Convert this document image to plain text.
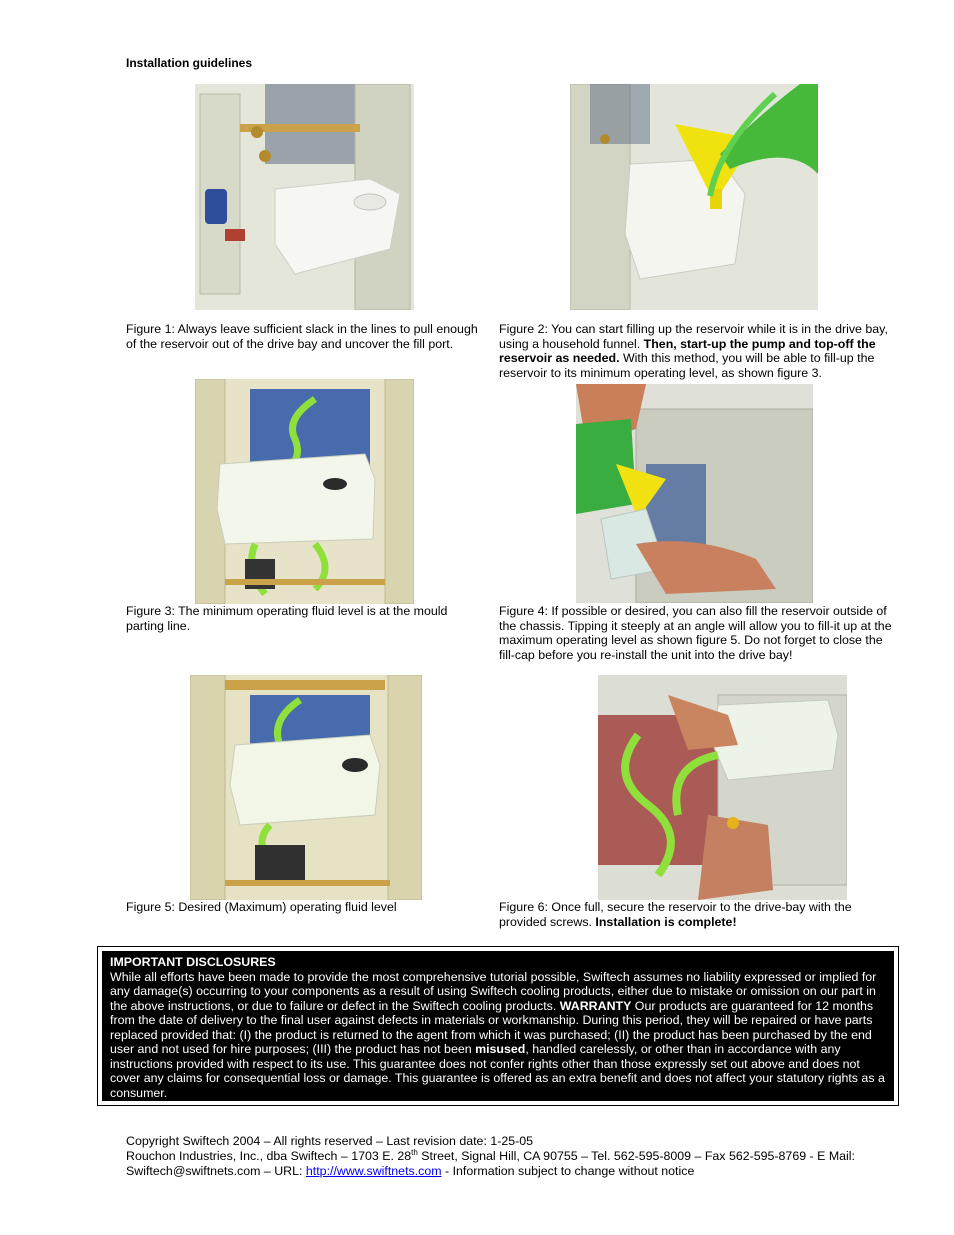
Installation guidelines

Figure 1: Always leave sufficient slack in the lines to pull enough of the reservoir out of the drive bay and uncover the fill port.

Figure 2: You can start filling up the reservoir while it is in the drive bay, using a household funnel. Then, start-up the pump and top-off the reservoir as needed. With this method, you will be able to fill-up the reservoir to its minimum operating level, as shown figure 3.

Figure 3: The minimum operating fluid level is at the mould parting line.

Figure 4: If possible or desired, you can also fill the reservoir outside of the chassis. Tipping it steeply at an angle will allow you to fill-it up at the maximum operating level as shown figure 5. Do not forget to close the fill-cap before you re-install the unit into the drive bay!

Figure 5: Desired (Maximum) operating fluid level	Figure 6: Once full, secure the reservoir to the drive-bay with the provided screws. Installation is complete!

IMPORTANT DISCLOSURES
While all efforts have been made to provide the most comprehensive tutorial possible, Swiftech assumes no liability expressed or implied for any damage(s) occurring to your components as a result of using Swiftech cooling products, either due to mistake or omission on our part in the above instructions, or due to failure or defect in the Swiftech cooling products. WARRANTY Our products are guaranteed for 12 months from the date of delivery to the final user against defects in materials or workmanship. During this period, they will be repaired or have parts replaced provided that: (I) the product is returned to the agent from which it was purchased; (II) the product has been purchased by the end user and not used for hire purposes; (III) the product has not been misused, handled carelessly, or other than in accordance with any instructions provided with respect to its use. This guarantee does not confer rights other than those expressly set out above and does not cover any claims for consequential loss or damage. This guarantee is offered as an extra benefit and does not affect your statutory rights as a consumer.
Copyright Swiftech 2004 – All rights reserved – Last revision date: 1-25-05
Rouchon Industries, Inc., dba Swiftech – 1703 E. 28th Street, Signal Hill, CA 90755 – Tel. 562-595-8009 – Fax 562-595-8769 - E Mail: Swiftech@swiftnets.com – URL: http://www.swiftnets.com - Information subject to change without notice
